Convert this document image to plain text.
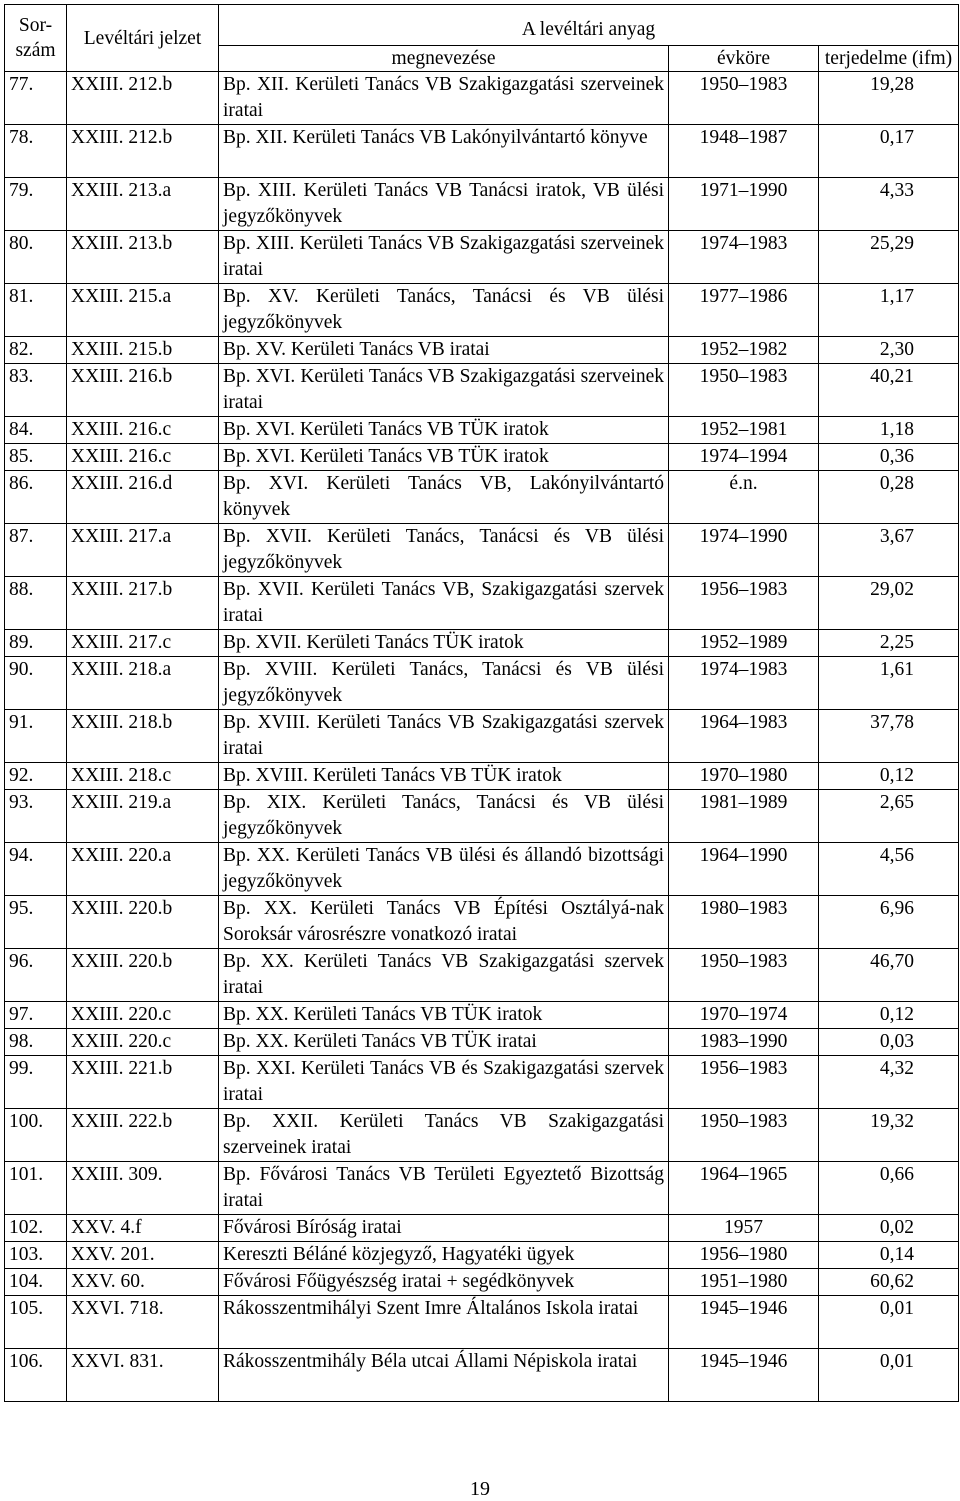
Sor-szám	Levéltári jelzet	A levéltári anyag		
		megnevezése	évköre	terjedelme (ifm)
77.	XXIII. 212.b	Bp. XII. Kerületi Tanács VB Szakigazgatási szerveinek iratai	1950–1983	19,28
78.	XXIII. 212.b	Bp. XII. Kerületi Tanács VB Lakónyilvántartó könyve	1948–1987	0,17
79.	XXIII. 213.a	Bp. XIII. Kerületi Tanács VB Tanácsi iratok, VB ülési jegyzőkönyvek	1971–1990	4,33
80.	XXIII. 213.b	Bp. XIII. Kerületi Tanács VB Szakigazgatási szerveinek iratai	1974–1983	25,29
81.	XXIII. 215.a	Bp. XV. Kerületi Tanács, Tanácsi és VB ülési jegyzőkönyvek	1977–1986	1,17
82.	XXIII. 215.b	Bp. XV. Kerületi Tanács VB iratai	1952–1982	2,30
83.	XXIII. 216.b	Bp. XVI. Kerületi Tanács VB Szakigazgatási szerveinek iratai	1950–1983	40,21
84.	XXIII. 216.c	Bp. XVI. Kerületi Tanács VB TÜK iratok	1952–1981	1,18
85.	XXIII. 216.c	Bp. XVI. Kerületi Tanács VB TÜK iratok	1974–1994	0,36
86.	XXIII. 216.d	Bp. XVI. Kerületi Tanács VB, Lakónyilvántartó könyvek	é.n.	0,28
87.	XXIII. 217.a	Bp. XVII. Kerületi Tanács, Tanácsi és VB ülési jegyzőkönyvek	1974–1990	3,67
88.	XXIII. 217.b	Bp. XVII. Kerületi Tanács VB, Szakigazgatási szervek iratai	1956–1983	29,02
89.	XXIII. 217.c	Bp. XVII. Kerületi Tanács TÜK iratok	1952–1989	2,25
90.	XXIII. 218.a	Bp. XVIII. Kerületi Tanács, Tanácsi és VB ülési jegyzőkönyvek	1974–1983	1,61
91.	XXIII. 218.b	Bp. XVIII. Kerületi Tanács VB Szakigazgatási szervek iratai	1964–1983	37,78
92.	XXIII. 218.c	Bp. XVIII. Kerületi Tanács VB TÜK iratok	1970–1980	0,12
93.	XXIII. 219.a	Bp. XIX. Kerületi Tanács, Tanácsi és VB ülési jegyzőkönyvek	1981–1989	2,65
94.	XXIII. 220.a	Bp. XX. Kerületi Tanács VB ülési és állandó bizottsági jegyzőkönyvek	1964–1990	4,56
95.	XXIII. 220.b	Bp. XX. Kerületi Tanács VB Építési Osztályá-nak Soroksár városrészre vonatkozó iratai	1980–1983	6,96
96.	XXIII. 220.b	Bp. XX. Kerületi Tanács VB Szakigazgatási szervek iratai	1950–1983	46,70
97.	XXIII. 220.c	Bp. XX. Kerületi Tanács VB TÜK iratok	1970–1974	0,12
98.	XXIII. 220.c	Bp. XX. Kerületi Tanács VB TÜK iratai	1983–1990	0,03
99.	XXIII. 221.b	Bp. XXI. Kerületi Tanács VB és Szakigazgatási szervek iratai	1956–1983	4,32
100.	XXIII. 222.b	Bp. XXII. Kerületi Tanács VB Szakigazgatási szerveinek iratai	1950–1983	19,32
101.	XXIII. 309.	Bp. Fővárosi Tanács VB Területi Egyeztető Bizottság iratai	1964–1965	0,66
102.	XXV. 4.f	Fővárosi Bíróság iratai	1957	0,02
103.	XXV. 201.	Kereszti Béláné közjegyző, Hagyatéki ügyek	1956–1980	0,14
104.	XXV. 60.	Fővárosi Főügyészség iratai + segédkönyvek	1951–1980	60,62
105.	XXVI. 718.	Rákosszentmihályi Szent Imre Általános Iskola iratai	1945–1946	0,01
106.	XXVI. 831.	Rákosszentmihály Béla utcai Állami Népiskola iratai	1945–1946	0,01
19
